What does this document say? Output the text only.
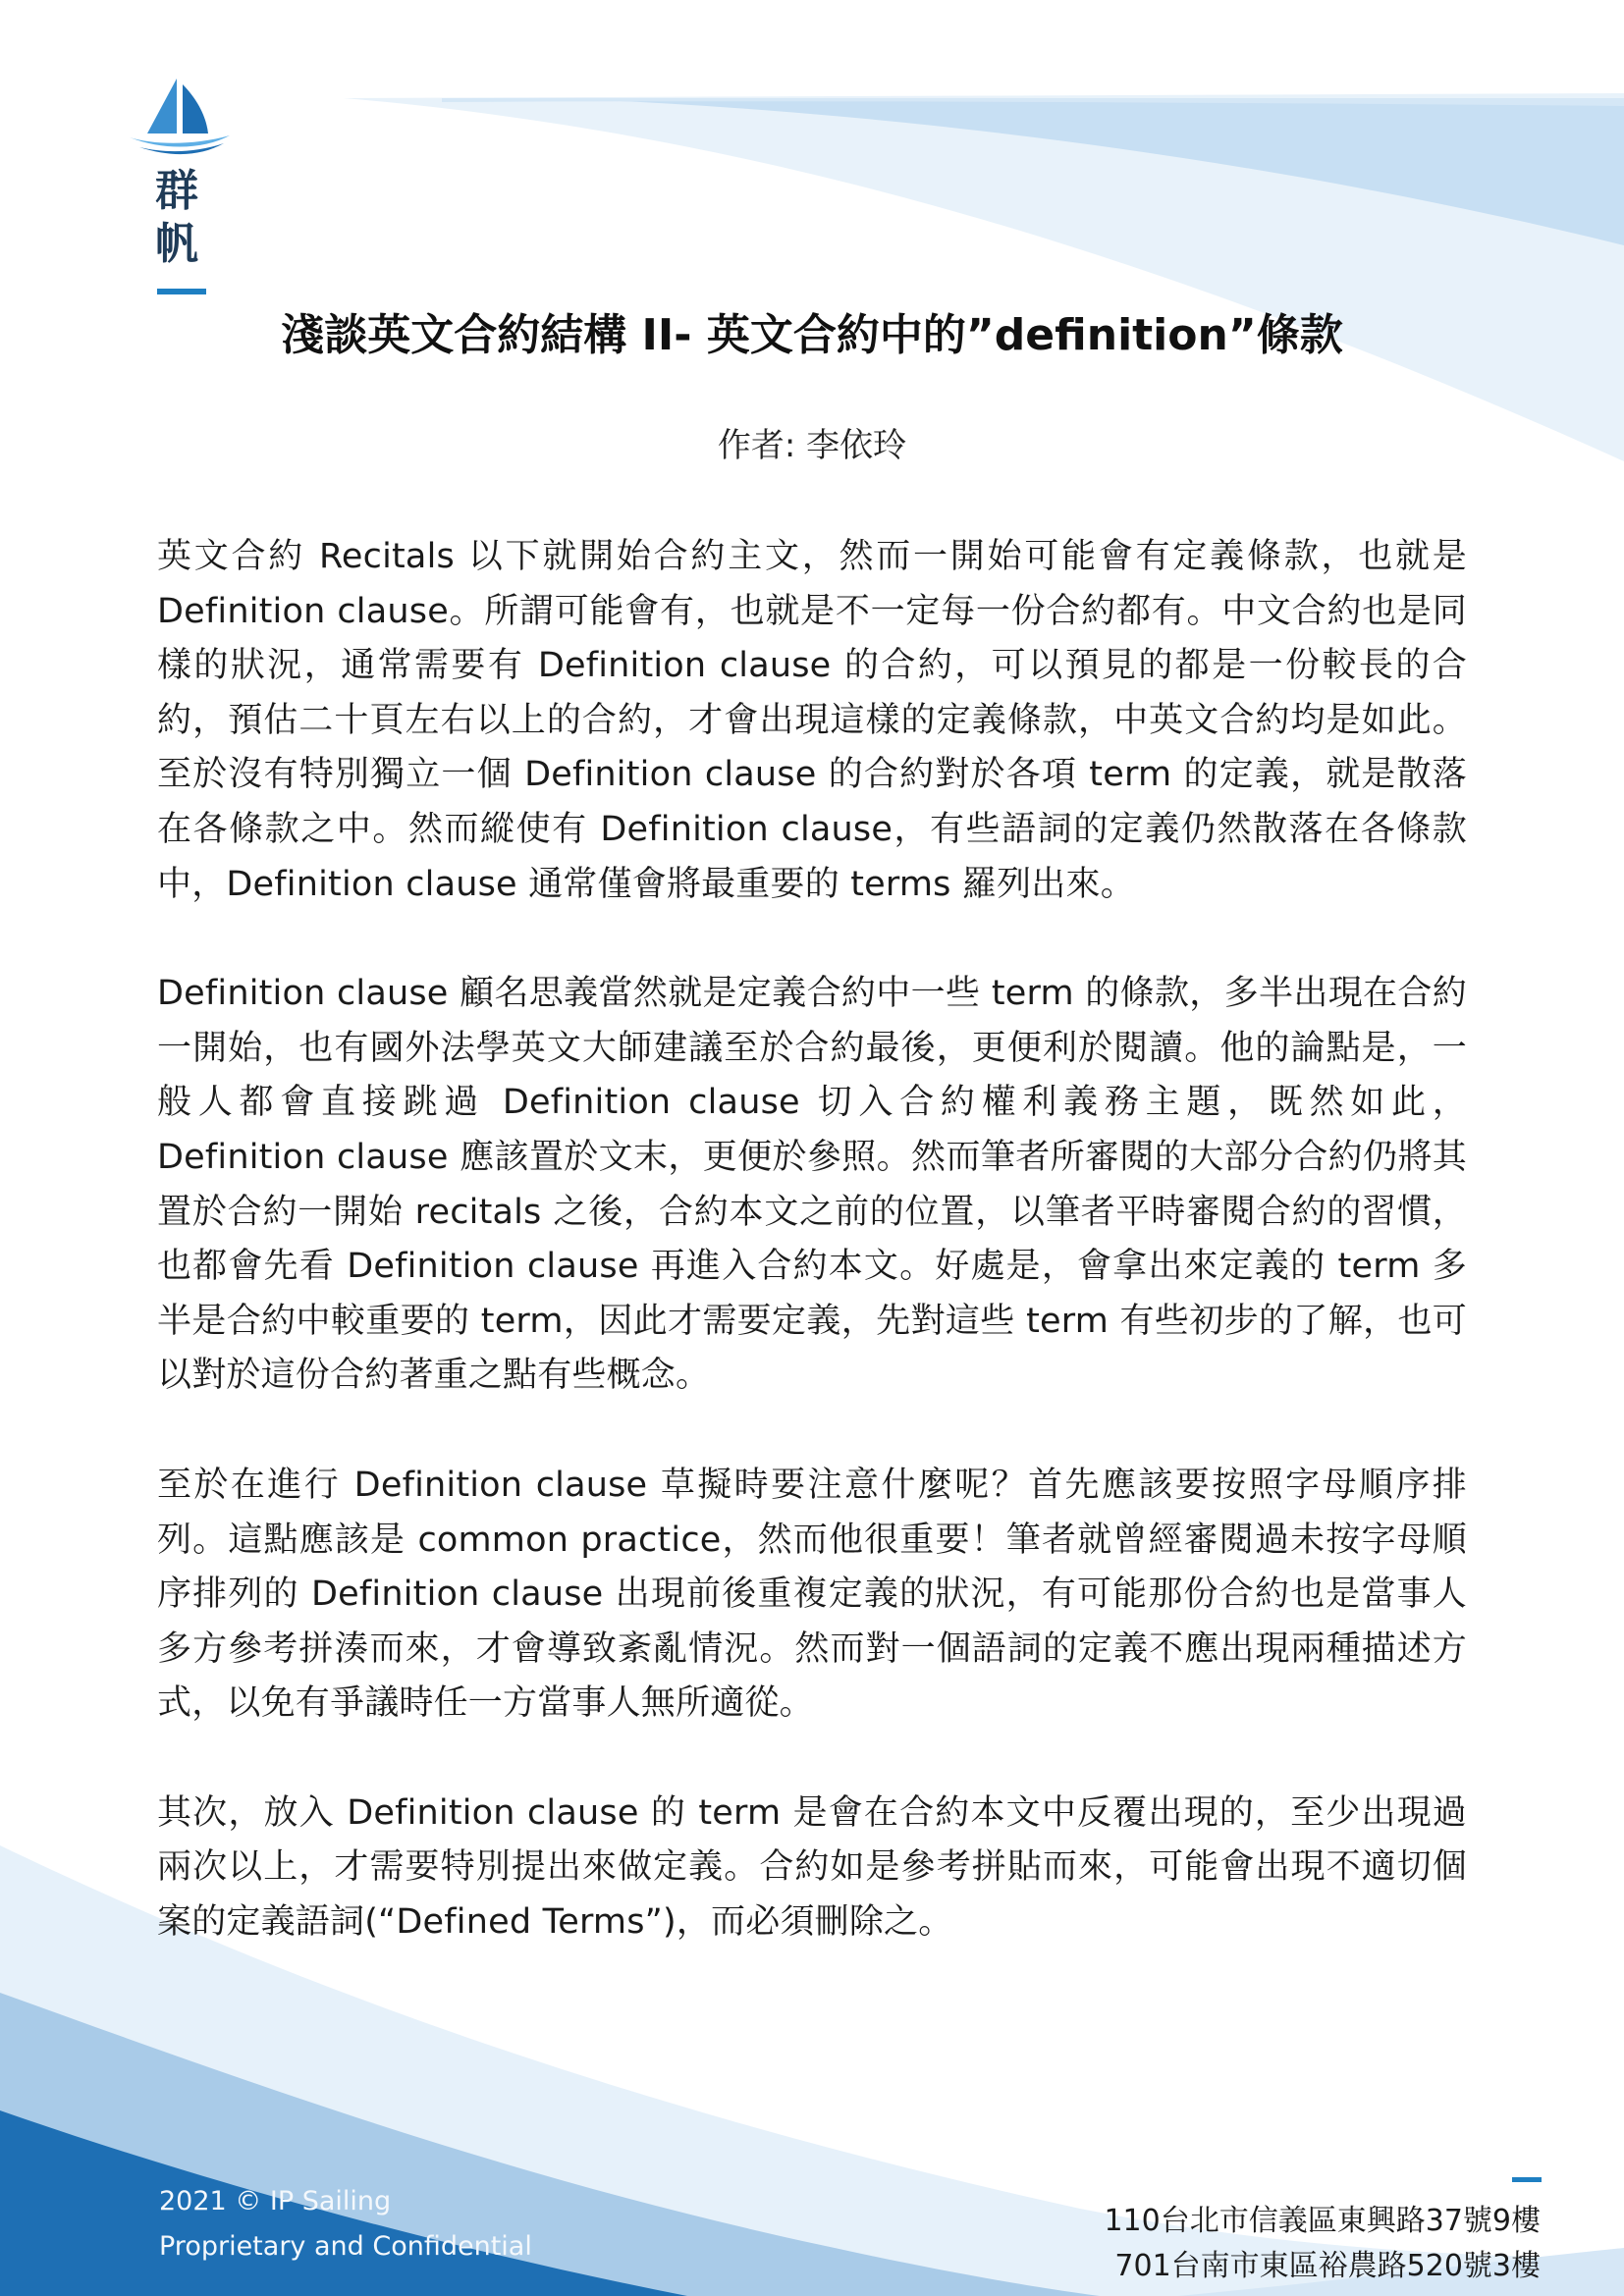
群
帆
淺談英文合約結構 II- 英文合約中的”definition”條款
作者: 李依玲

英文合約 Recitals 以下就開始合約主文，然而一開始可能會有定義條款，也就是 Definition clause。所謂可能會有，也就是不一定每一份合約都有。中文合約也是同樣的狀況，通常需要有 Definition clause 的合約，可以預見的都是一份較長的合約，預估二十頁左右以上的合約，才會出現這樣的定義條款，中英文合約均是如此。至於沒有特別獨立一個 Definition clause 的合約對於各項 term 的定義，就是散落在各條款之中。然而縱使有 Definition clause，有些語詞的定義仍然散落在各條款中，Definition clause 通常僅會將最重要的 terms 羅列出來。

Definition clause 顧名思義當然就是定義合約中一些 term 的條款，多半出現在合約一開始，也有國外法學英文大師建議至於合約最後，更便利於閱讀。他的論點是，一般人都會直接跳過 Definition clause 切入合約權利義務主題，既然如此，Definition clause 應該置於文末，更便於參照。然而筆者所審閱的大部分合約仍將其置於合約一開始 recitals 之後，合約本文之前的位置，以筆者平時審閱合約的習慣，也都會先看 Definition clause 再進入合約本文。好處是，會拿出來定義的 term 多半是合約中較重要的 term，因此才需要定義，先對這些 term 有些初步的了解，也可以對於這份合約著重之點有些概念。

至於在進行 Definition clause 草擬時要注意什麼呢？首先應該要按照字母順序排列。這點應該是 common practice，然而他很重要！筆者就曾經審閱過未按字母順序排列的 Definition clause 出現前後重複定義的狀況，有可能那份合約也是當事人多方參考拼湊而來，才會導致紊亂情況。然而對一個語詞的定義不應出現兩種描述方式，以免有爭議時任一方當事人無所適從。

其次，放入 Definition clause 的 term 是會在合約本文中反覆出現的，至少出現過兩次以上，才需要特別提出來做定義。合約如是參考拼貼而來，可能會出現不適切個案的定義語詞(“Defined Terms”)，而必須刪除之。

2021 © IP Sailing
Proprietary and Confidential
110台北市信義區東興路37號9樓
701台南市東區裕農路520號3樓
